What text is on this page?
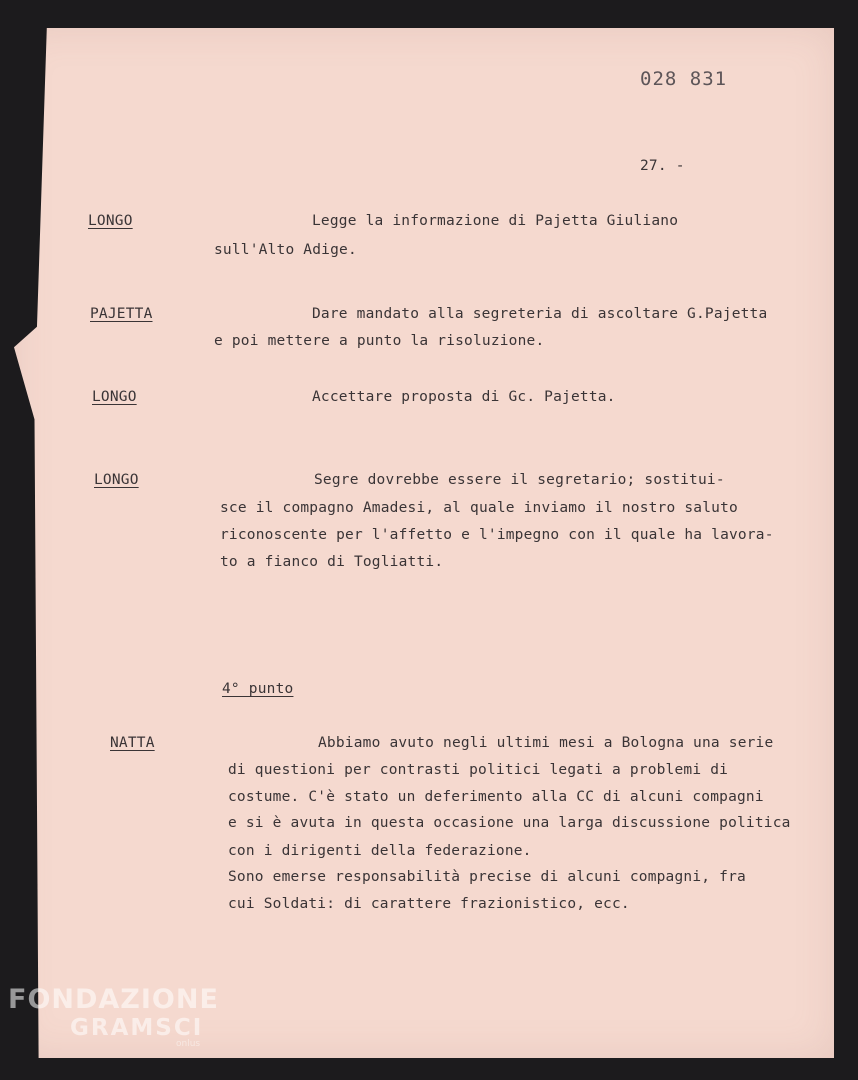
028 831
27. -
LONGO	Legge la informazione di Pajetta Giuliano
sull'Alto Adige.
PAJETTA	Dare mandato alla segreteria di ascoltare G.Pajetta
e poi mettere a punto la risoluzione.
LONGO	Accettare proposta di Gc. Pajetta.
LONGO	Segre dovrebbe essere il segretario; sostitui-
sce il compagno Amadesi, al quale inviamo il nostro saluto
riconoscente per l'affetto e l'impegno con il quale ha lavora-
to a fianco di Togliatti.
4° punto
NATTA	Abbiamo avuto negli ultimi mesi a Bologna una serie
di questioni per contrasti politici legati a problemi di
costume. C'è stato un deferimento alla CC di alcuni compagni
e si è avuta in questa occasione una larga discussione politica
con i dirigenti della federazione.
Sono emerse responsabilità precise di alcuni compagni, fra
cui Soldati: di carattere frazionistico, ecc.
FONDAZIONE
GRAMSCI
onlus
